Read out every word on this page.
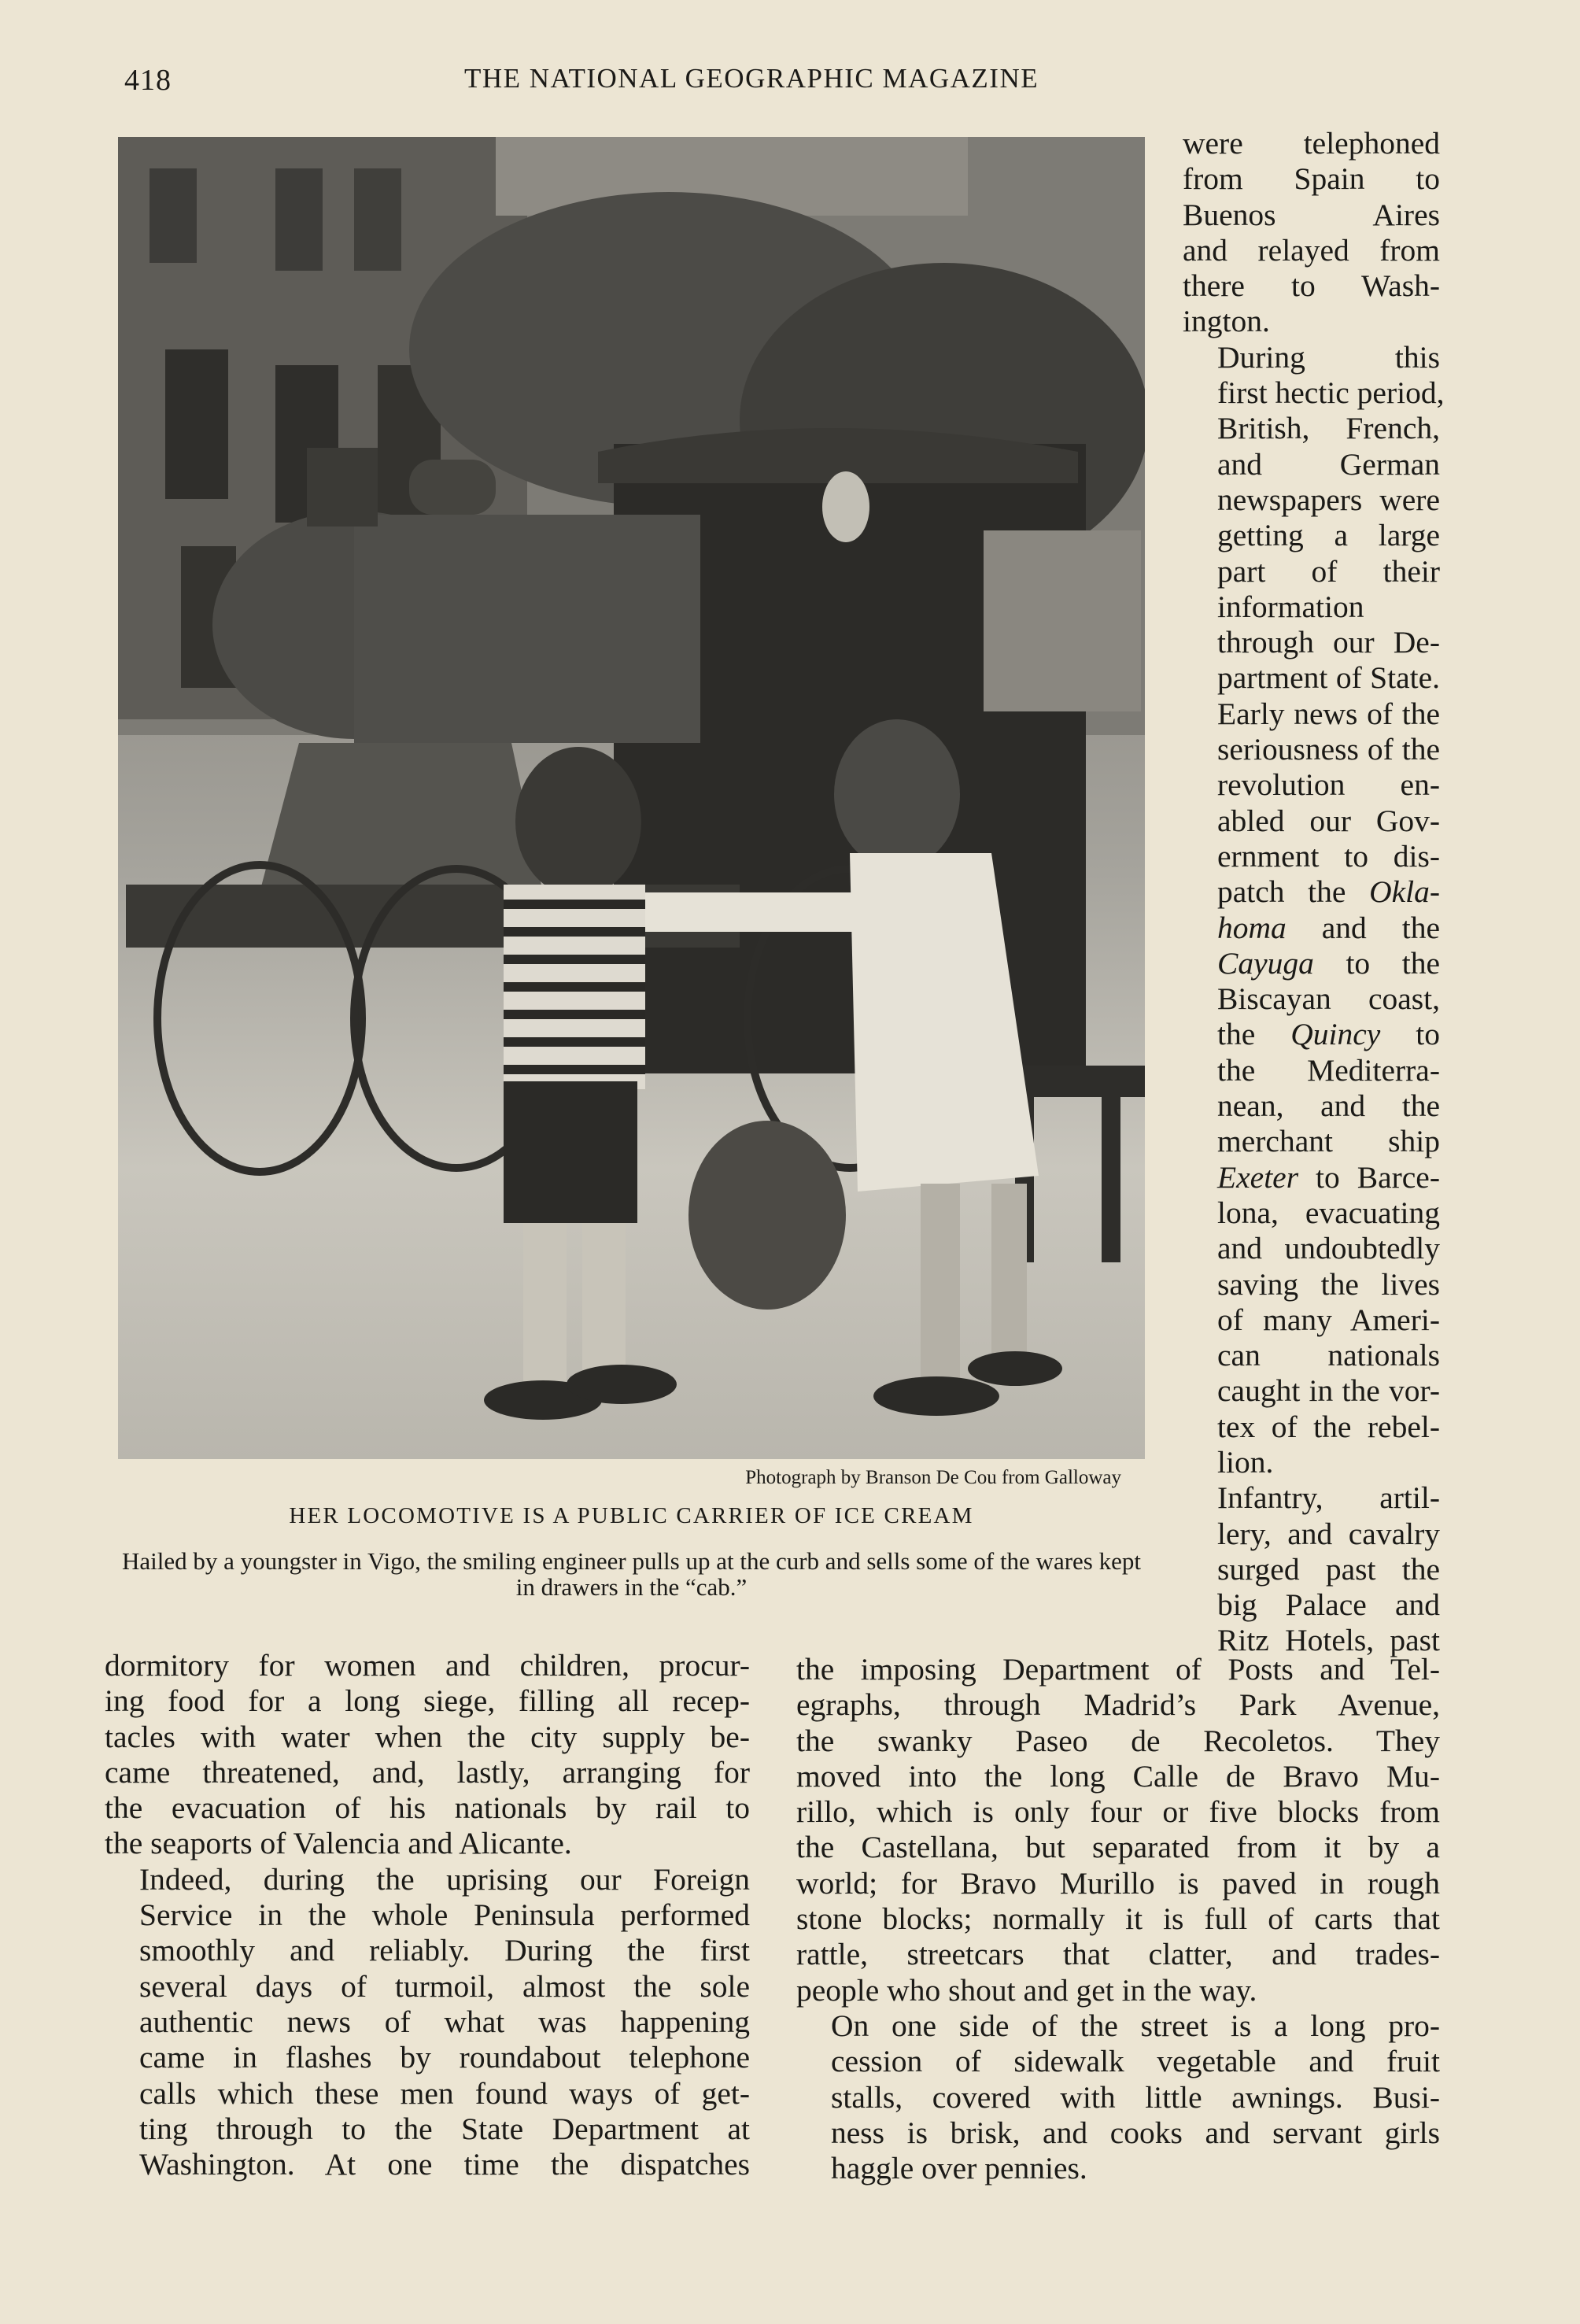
418	THE NATIONAL GEOGRAPHIC MAGAZINE
Photograph by Branson De Cou from Galloway
HER LOCOMOTIVE IS A PUBLIC CARRIER OF ICE CREAM
Hailed by a youngster in Vigo, the smiling engineer pulls up at the curb and sells some of the wares kept in drawers in the “cab.”

were telephoned
from Spain to
Buenos Aires
and relayed from
there to Wash-
ington.

During this
first hectic period,
British, French,
and German
newspapers were
getting a large
part of their
information
through our De-
partment of State.
Early news of the
seriousness of the
revolution en-
abled our Gov-
ernment to dis-
patch the Okla-
homa and the
Cayuga to the
Biscayan coast,
the Quincy to
the Mediterra-
nean, and the
merchant ship
Exeter to Barce-
lona, evacuating
and undoubtedly
saving the lives
of many Ameri-
can nationals
caught in the vor-
tex of the rebel-
lion.

Infantry, artil-
lery, and cavalry
surged past the
big Palace and
Ritz Hotels, past

dormitory for women and children, procur-
ing food for a long siege, filling all recep-
tacles with water when the city supply be-
came threatened, and, lastly, arranging for
the evacuation of his nationals by rail to
the seaports of Valencia and Alicante.

Indeed, during the uprising our Foreign
Service in the whole Peninsula performed
smoothly and reliably. During the first
several days of turmoil, almost the sole
authentic news of what was happening
came in flashes by roundabout telephone
calls which these men found ways of get-
ting through to the State Department at
Washington. At one time the dispatches

the imposing Department of Posts and Tel-
egraphs, through Madrid’s Park Avenue,
the swanky Paseo de Recoletos. They
moved into the long Calle de Bravo Mu-
rillo, which is only four or five blocks from
the Castellana, but separated from it by a
world; for Bravo Murillo is paved in rough
stone blocks; normally it is full of carts that
rattle, streetcars that clatter, and trades-
people who shout and get in the way.

On one side of the street is a long pro-
cession of sidewalk vegetable and fruit
stalls, covered with little awnings. Busi-
ness is brisk, and cooks and servant girls
haggle over pennies.
